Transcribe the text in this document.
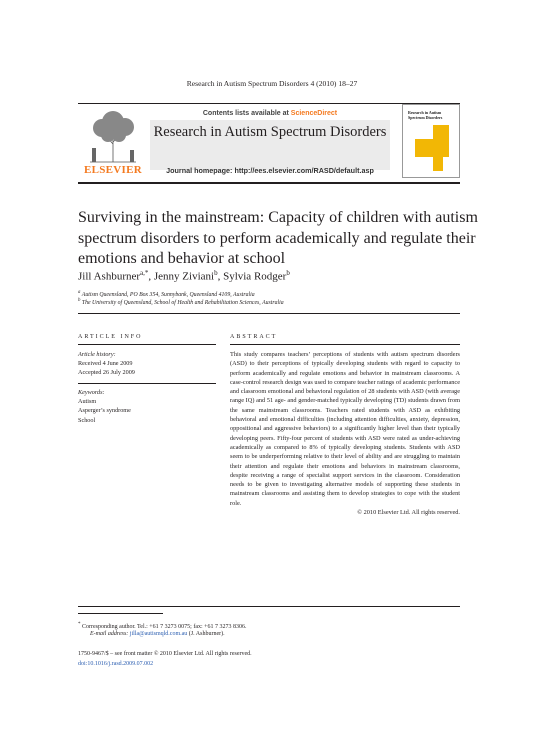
Research in Autism Spectrum Disorders 4 (2010) 18–27
Contents lists available at ScienceDirect
Research in Autism Spectrum Disorders
Journal homepage: http://ees.elsevier.com/RASD/default.asp
ELSEVIER
Research in Autism Spectrum Disorders
Surviving in the mainstream: Capacity of children with autism spectrum disorders to perform academically and regulate their emotions and behavior at school
Jill Ashburner$^{a,*}$, Jenny Ziviani$^b$, Sylvia Rodger$^b$
$^a$ Autism Queensland, PO Box 354, Sunnybank, Queensland 4109, Australia
$^b$ The University of Queensland, School of Health and Rehabilitation Sciences, Australia
ARTICLE INFO	ABSTRACT
Article history:
Received 4 June 2009
Accepted 26 July 2009
Keywords:
Autism
Asperger’s syndrome
School
This study compares teachers’ perceptions of students with autism spectrum disorders (ASD) to their perceptions of typically developing students with regard to capacity to perform academically and regulate emotions and behavior in mainstream classrooms. A case-control research design was used to compare teacher ratings of academic performance and classroom emotional and behavioral regulation of 28 students with ASD (with average range IQ) and 51 age- and gender-matched typically developing (TD) students drawn from the same mainstream classrooms. Teachers rated students with ASD as exhibiting behavioral and emotional difficulties (including attention difficulties, anxiety, depression, oppositional and aggressive behaviors) to a significantly higher level than their typically developing peers. Fifty-four percent of students with ASD were rated as under-achieving academically as compared to 8% of typically developing students. Students with ASD seem to be underperforming relative to their level of ability and are struggling to maintain their attention and regulate their emotions and behaviors in mainstream classrooms, despite receiving a range of specialist support services in the classroom. Consideration needs to be given to investigating alternative models of supporting these students in mainstream classrooms and assisting them to develop strategies to cope with the student role.
© 2010 Elsevier Ltd. All rights reserved.
* Corresponding author. Tel.: +61 7 3273 0075; fax: +61 7 3273 8306.
E-mail address: jilla@autismqld.com.au (J. Ashburner).
1750-9467/$ – see front matter © 2010 Elsevier Ltd. All rights reserved.
doi:10.1016/j.rasd.2009.07.002
